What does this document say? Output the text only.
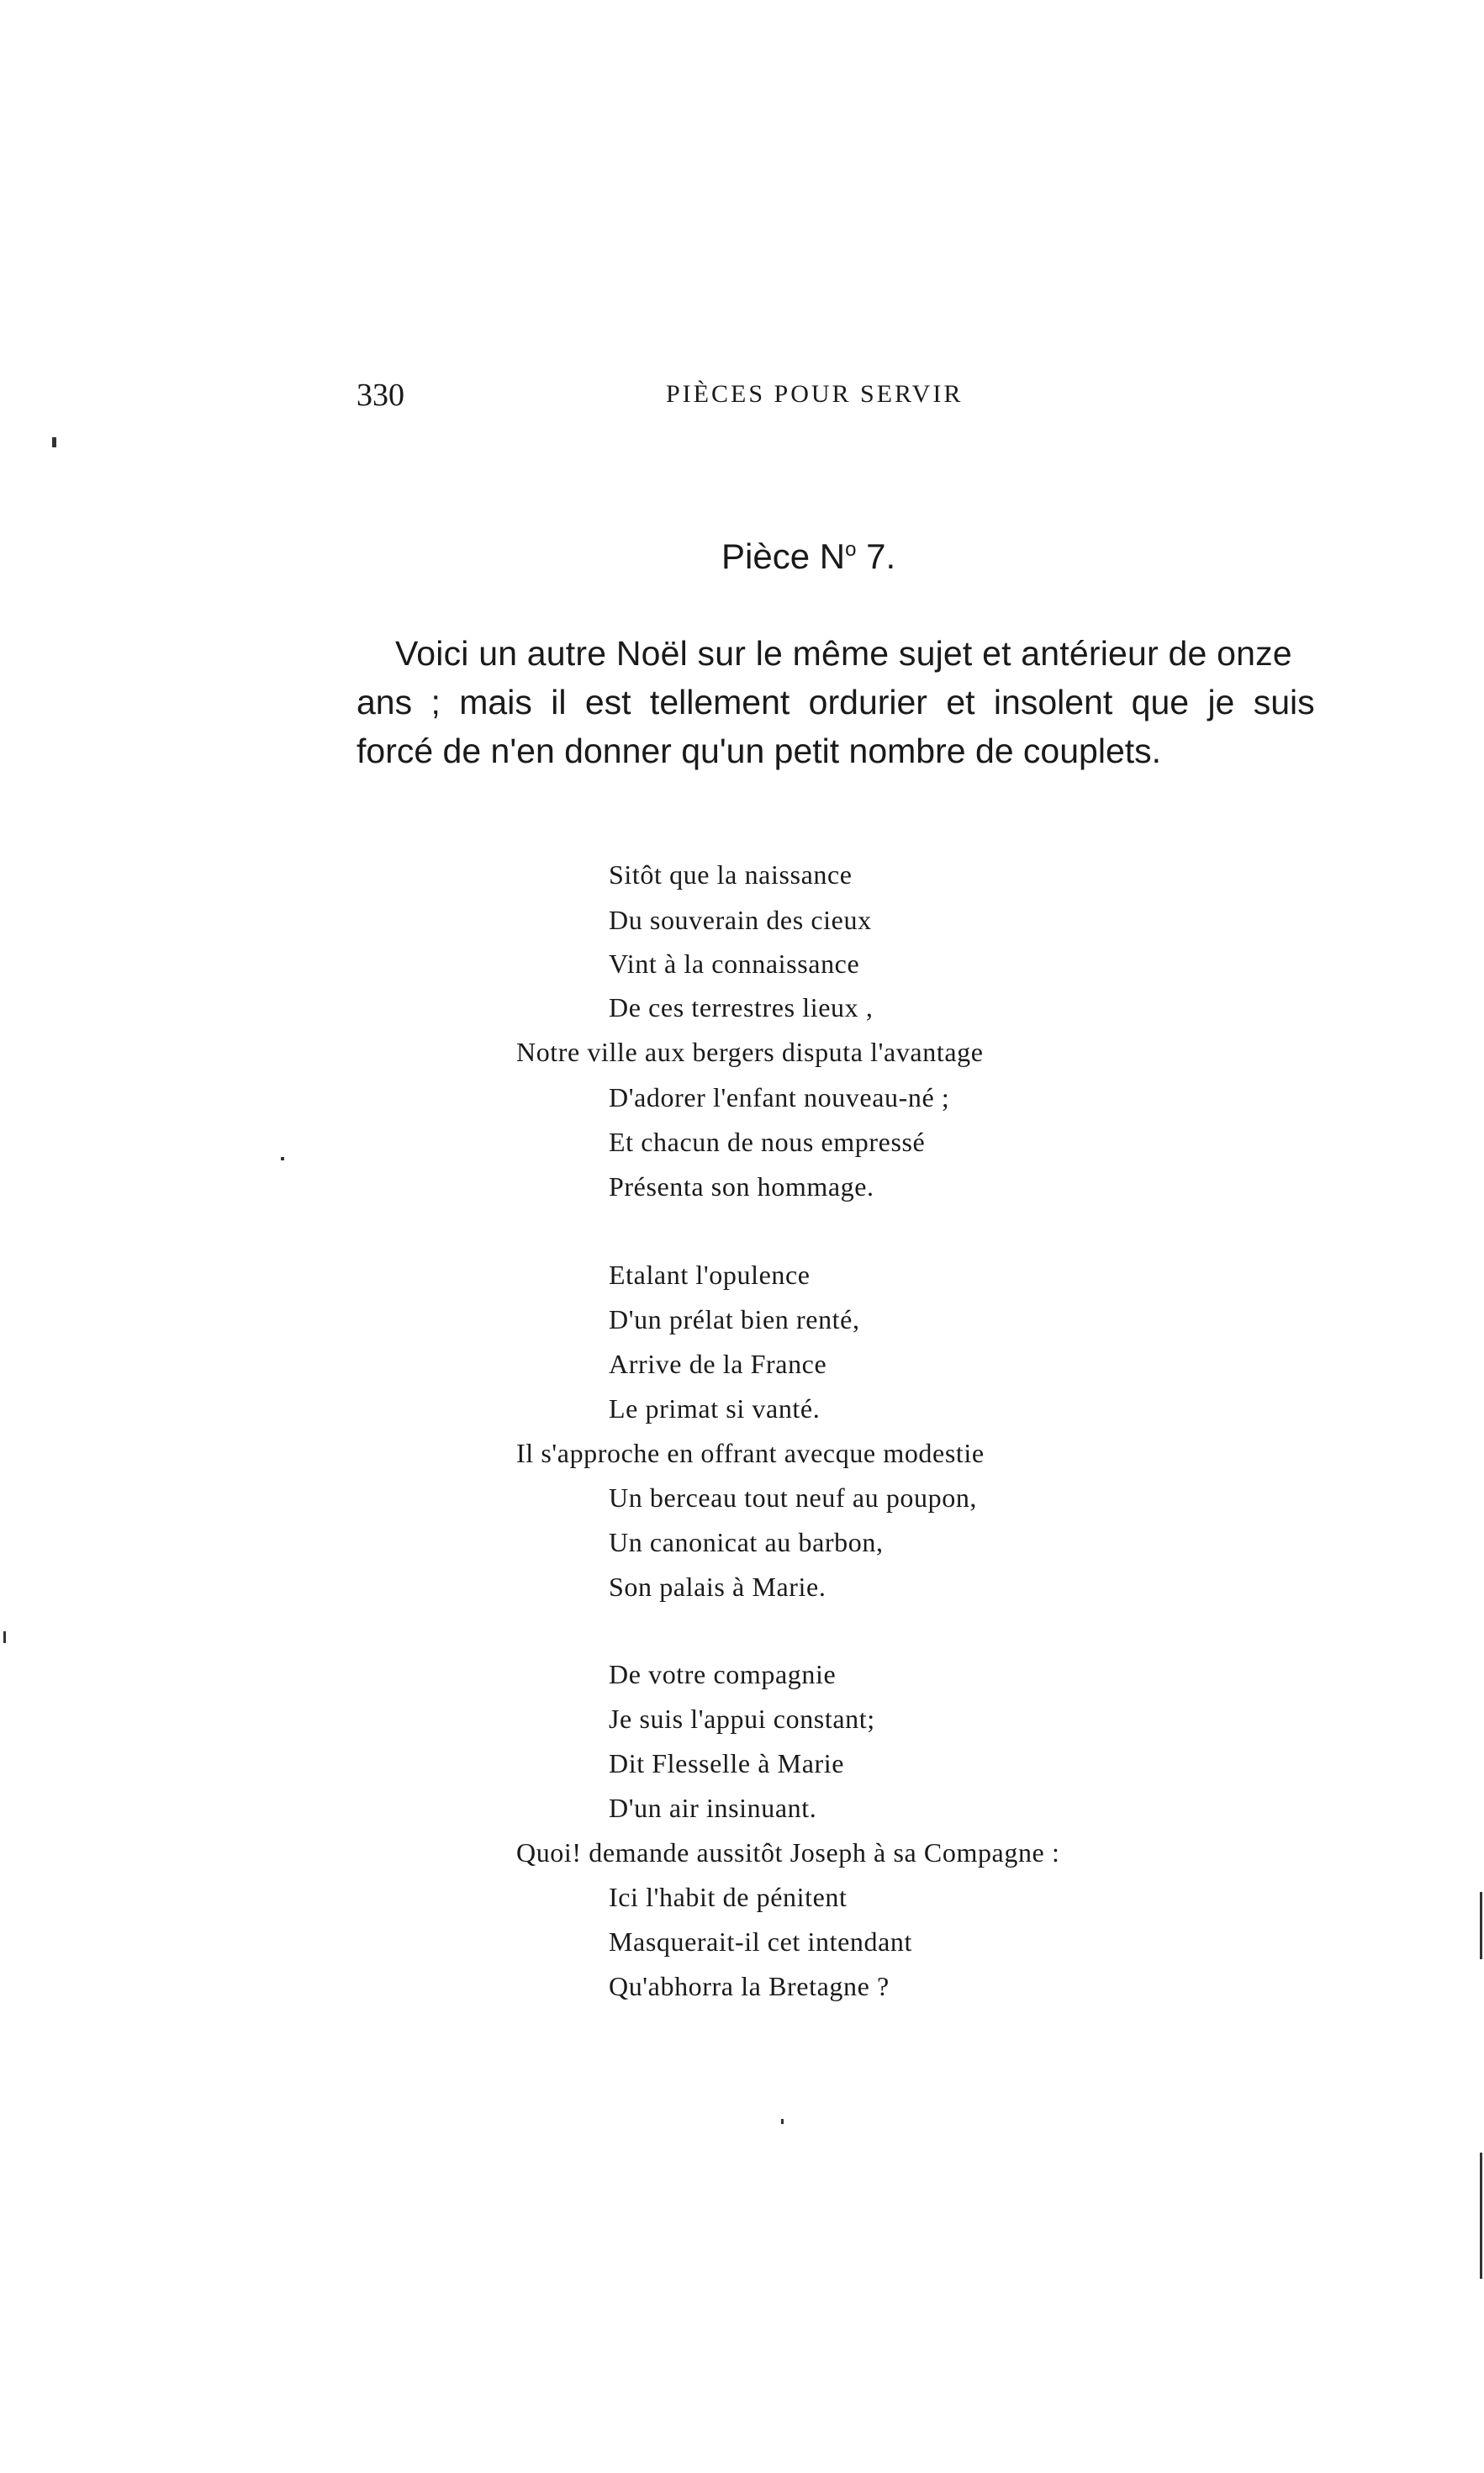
330	PIÈCES POUR SERVIR
Pièce $N^o$ 7.
Voici un autre Noël sur le même sujet et antérieur de onze
ans ; mais il est tellement ordurier et insolent que je suis
forcé de n'en donner qu'un petit nombre de couplets.
Sitôt que la naissance
Du souverain des cieux
Vint à la connaissance
De ces terrestres lieux ,
Notre ville aux bergers disputa l'avantage
D'adorer l'enfant nouveau-né ;
Et chacun de nous empressé
Présenta son hommage.
Etalant l'opulence
D'un prélat bien renté,
Arrive de la France
Le primat si vanté.
Il s'approche en offrant avecque modestie
Un berceau tout neuf au poupon,
Un canonicat au barbon,
Son palais à Marie.
De votre compagnie
Je suis l'appui constant;
Dit Flesselle à Marie
D'un air insinuant.
Quoi! demande aussitôt Joseph à sa Compagne :
Ici l'habit de pénitent
Masquerait-il cet intendant
Qu'abhorra la Bretagne ?
